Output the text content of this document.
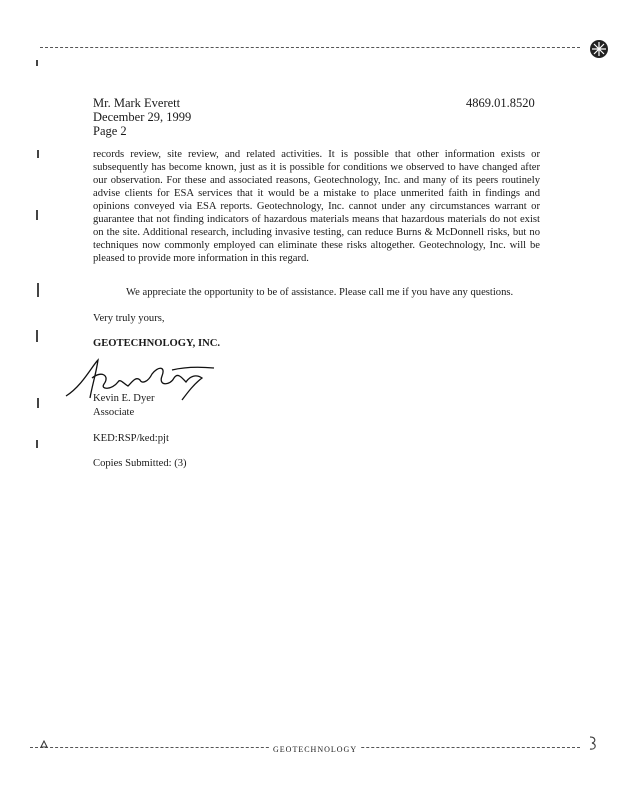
Mr. Mark Everett
December 29, 1999
Page 2
4869.01.8520
records review, site review, and related activities. It is possible that other information exists or subsequently has become known, just as it is possible for conditions we observed to have changed after our observation. For these and associated reasons, Geotechnology, Inc. and many of its peers routinely advise clients for ESA services that it would be a mistake to place unmerited faith in findings and opinions conveyed via ESA reports. Geotechnology, Inc. cannot under any circumstances warrant or guarantee that not finding indicators of hazardous materials means that hazardous materials do not exist on the site. Additional research, including invasive testing, can reduce Burns & McDonnell risks, but no techniques now commonly employed can eliminate these risks altogether. Geotechnology, Inc. will be pleased to provide more information in this regard.
We appreciate the opportunity to be of assistance. Please call me if you have any questions.
Very truly yours,
GEOTECHNOLOGY, INC.
Kevin E. Dyer
Associate
KED:RSP/ked:pjt
Copies Submitted: (3)
GEOTECHNOLOGY
